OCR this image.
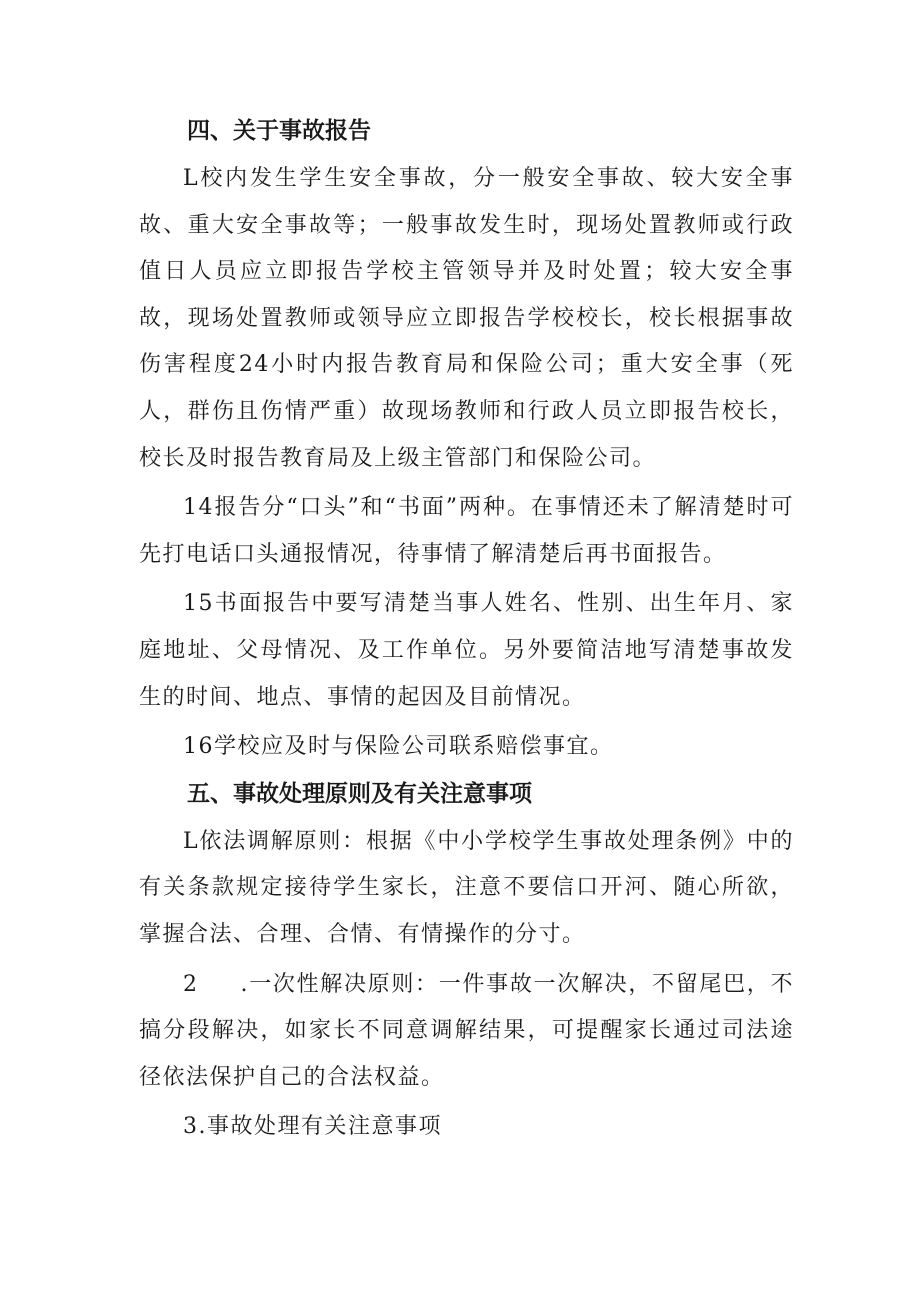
四、关于事故报告

L校内发生学生安全事故，分一般安全事故、较大安全事故、重大安全事故等；一般事故发生时，现场处置教师或行政值日人员应立即报告学校主管领导并及时处置；较大安全事故，现场处置教师或领导应立即报告学校校长，校长根据事故伤害程度24小时内报告教育局和保险公司；重大安全事（死人，群伤且伤情严重）故现场教师和行政人员立即报告校长，校长及时报告教育局及上级主管部门和保险公司。

14报告分“口头”和“书面”两种。在事情还未了解清楚时可先打电话口头通报情况，待事情了解清楚后再书面报告。

15书面报告中要写清楚当事人姓名、性别、出生年月、家庭地址、父母情况、及工作单位。另外要简洁地写清楚事故发生的时间、地点、事情的起因及目前情况。

16学校应及时与保险公司联系赔偿事宜。

五、事故处理原则及有关注意事项

L依法调解原则：根据《中小学校学生事故处理条例》中的有关条款规定接待学生家长，注意不要信口开河、随心所欲，掌握合法、合理、合情、有情操作的分寸。

2 .一次性解决原则：一件事故一次解决，不留尾巴，不搞分段解决，如家长不同意调解结果，可提醒家长通过司法途径依法保护自己的合法权益。

3.事故处理有关注意事项
